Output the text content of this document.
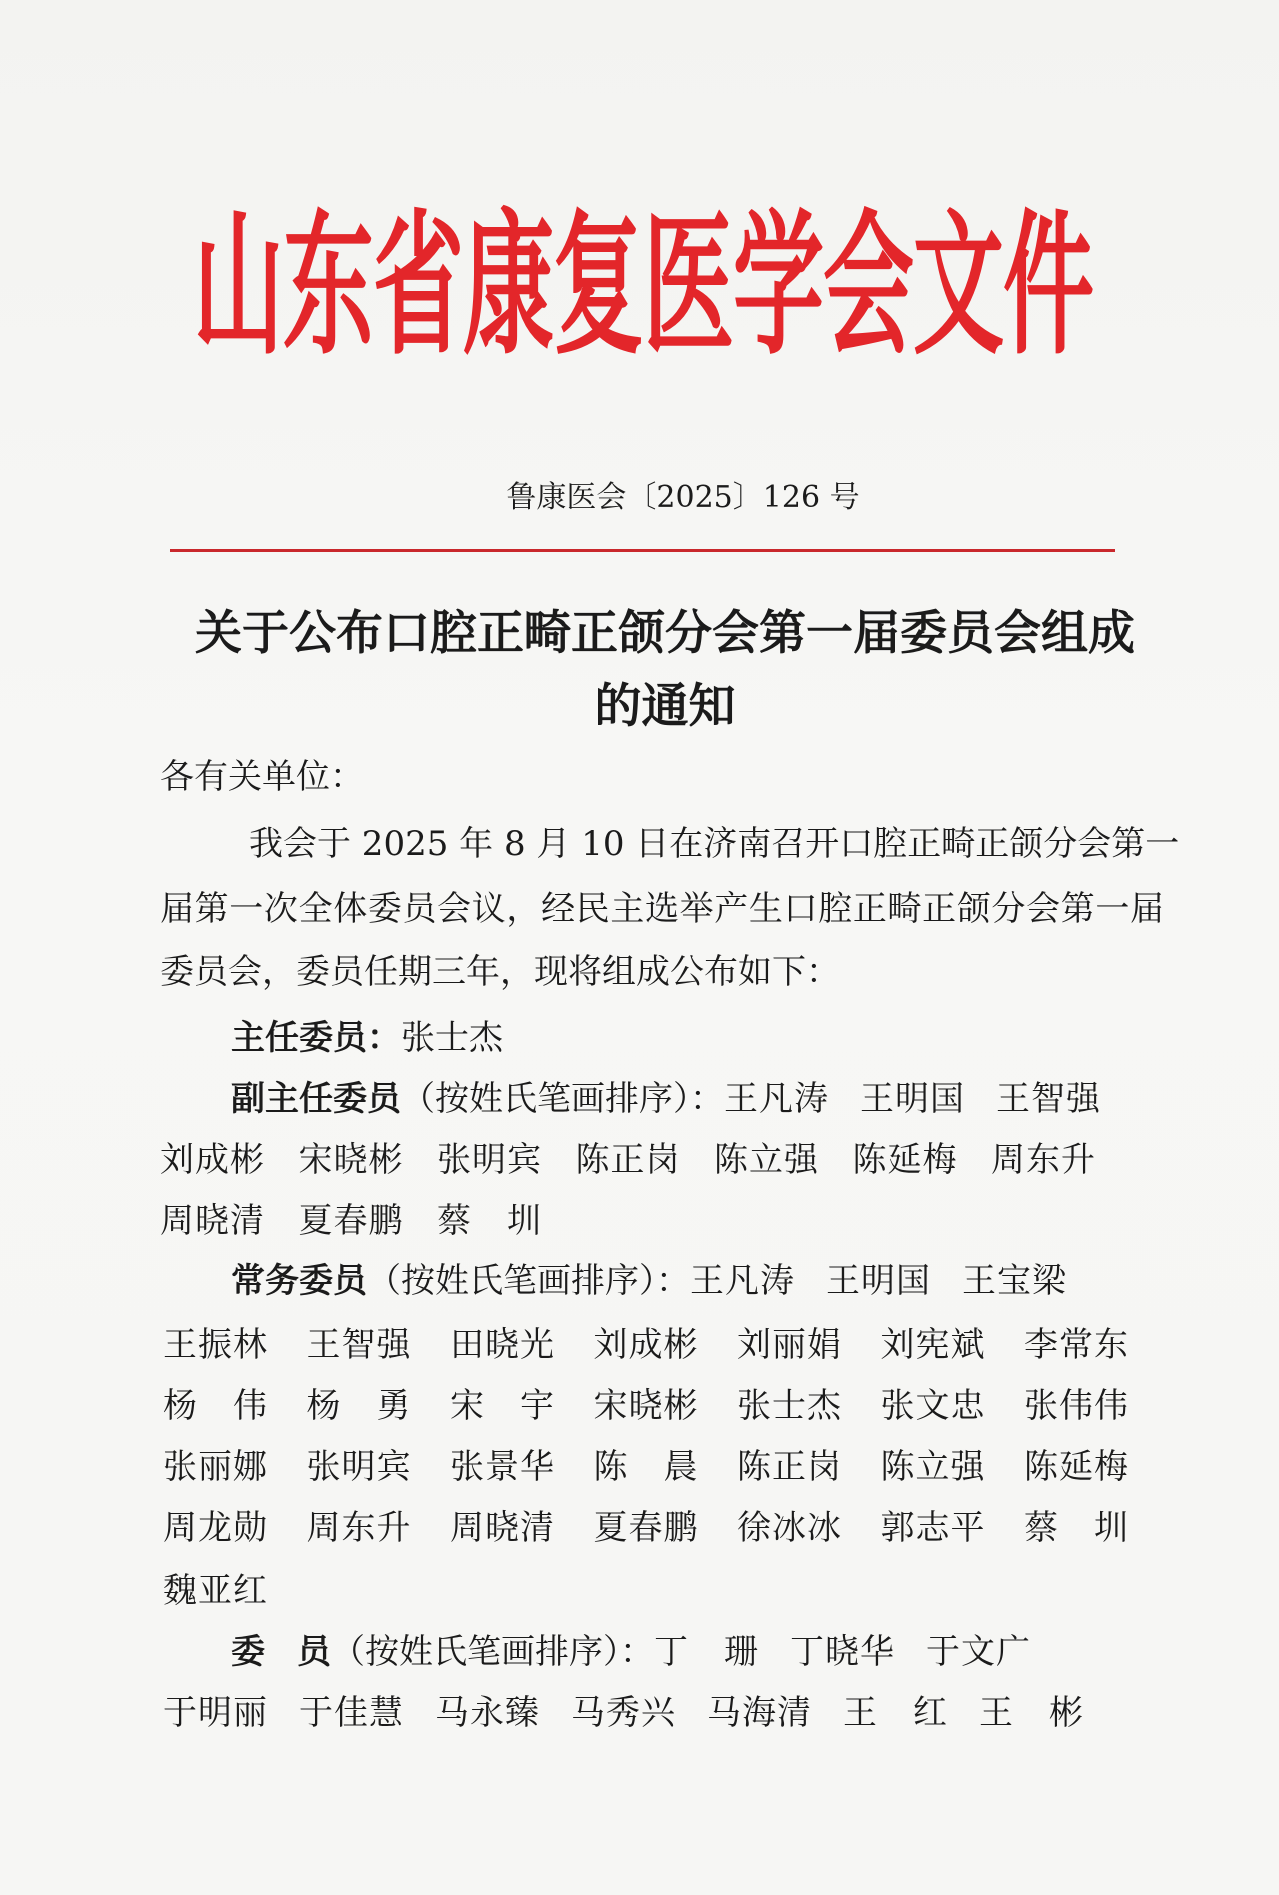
山东省康复医学会文件
鲁康医会〔2025〕126 号
关于公布口腔正畸正颌分会第一届委员会组成
的通知
各有关单位：
我会于 2025 年 8 月 10 日在济南召开口腔正畸正颌分会第一
届第一次全体委员会议，经民主选举产生口腔正畸正颌分会第一届
委员会，委员任期三年，现将组成公布如下：
主任委员：张士杰
副主任委员 （按姓氏笔画排序）： 王凡涛 王明国 王智强
刘成彬 宋晓彬 张明宾 陈正岗 陈立强 陈延梅 周东升
周晓清 夏春鹏 蔡 圳
常务委员 （按姓氏笔画排序）： 王凡涛 王明国 王宝梁
王振林 王智强 田晓光 刘成彬 刘丽娟 刘宪斌 李常东
杨 伟 杨 勇 宋 宇 宋晓彬 张士杰 张文忠 张伟伟
张丽娜 张明宾 张景华 陈 晨 陈正岗 陈立强 陈延梅
周龙勋 周东升 周晓清 夏春鹏 徐冰冰 郭志平 蔡 圳
魏亚红
委 员 （按姓氏笔画排序）： 丁 珊 丁晓华 于文广
于明丽 于佳慧 马永臻 马秀兴 马海清 王 红 王 彬
